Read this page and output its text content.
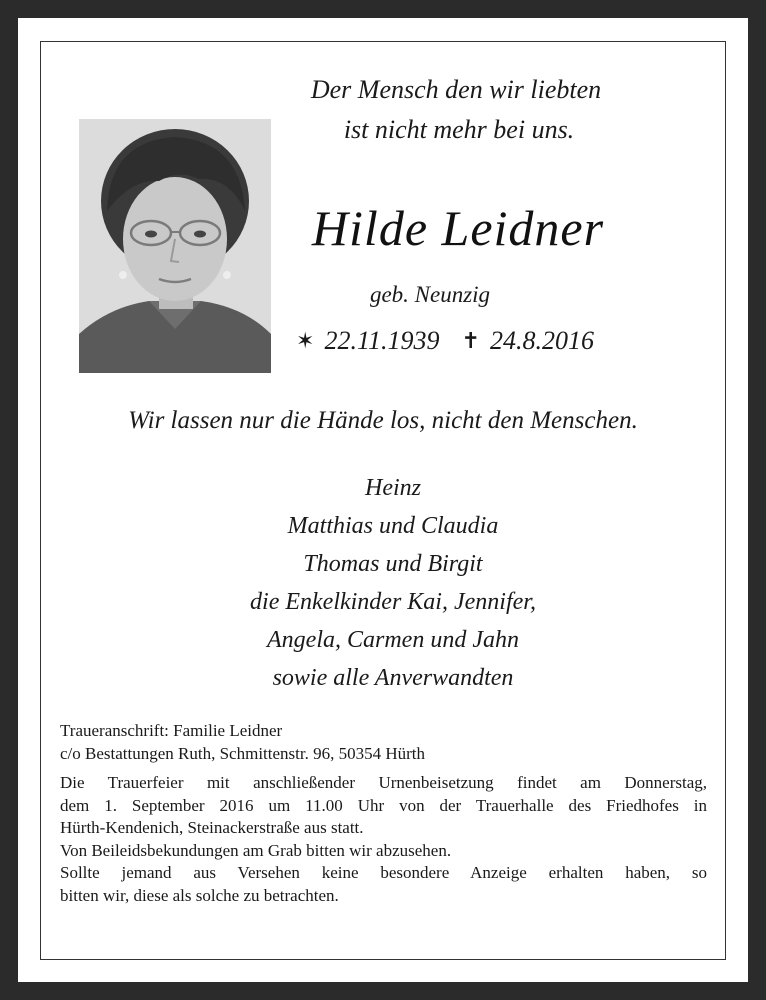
Der Mensch den wir liebten
ist nicht mehr bei uns.
Hilde Leidner
geb. Neunzig
✶ 22.11.1939 ✝ 24.8.2016
Wir lassen nur die Hände los, nicht den Menschen.
Heinz
Matthias und Claudia
Thomas und Birgit
die Enkelkinder Kai, Jennifer,
Angela, Carmen und Jahn
sowie alle Anverwandten
Traueranschrift: Familie Leidner
c/o Bestattungen Ruth, Schmittenstr. 96, 50354 Hürth
Die Trauerfeier mit anschließender Urnenbeisetzung findet am Donnerstag,
dem 1. September 2016 um 11.00 Uhr von der Trauerhalle des Friedhofes in
Hürth-Kendenich, Steinackerstraße aus statt.
Von Beileidsbekundungen am Grab bitten wir abzusehen.
Sollte jemand aus Versehen keine besondere Anzeige erhalten haben, so
bitten wir, diese als solche zu betrachten.
